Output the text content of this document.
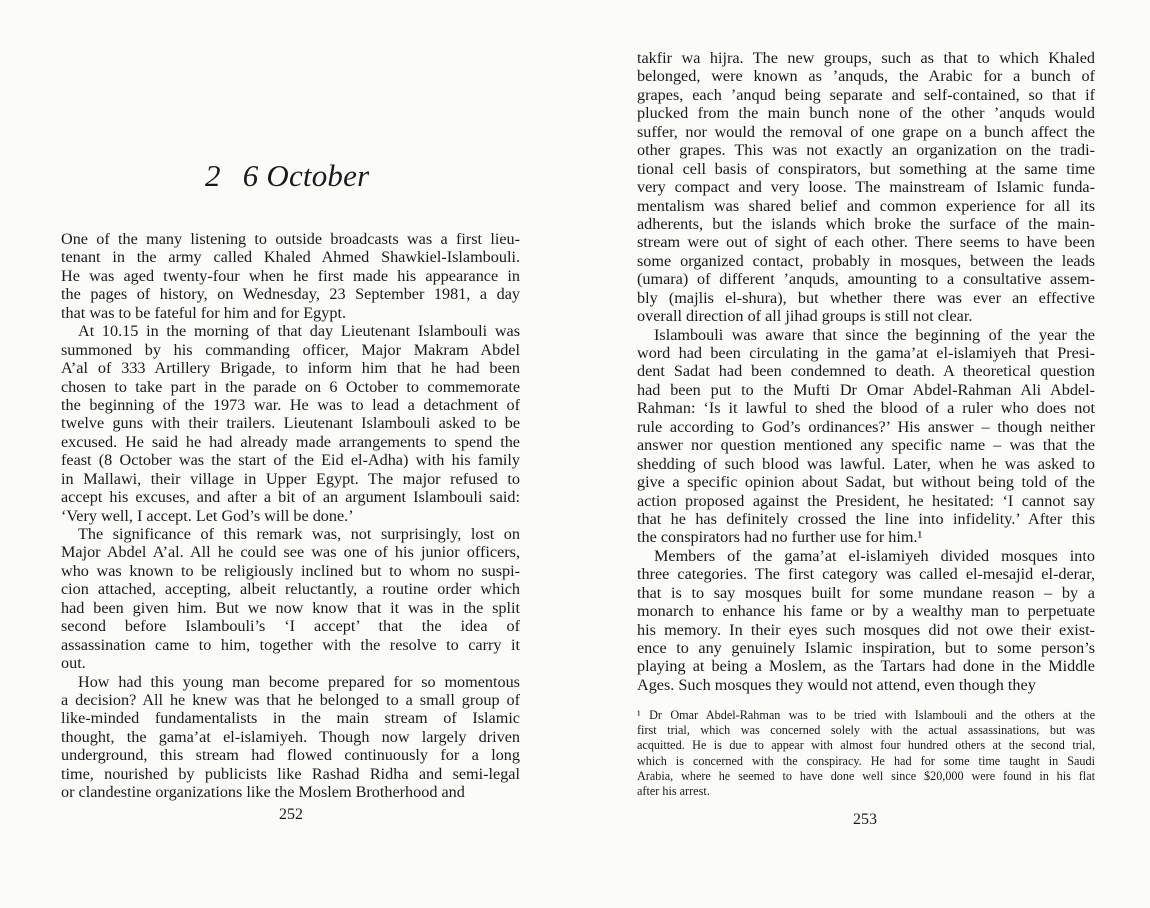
2 6 October
One of the many listening to outside broadcasts was a first lieu-
tenant in the army called Khaled Ahmed Shawkiel-Islambouli.
He was aged twenty-four when he first made his appearance in
the pages of history, on Wednesday, 23 September 1981, a day
that was to be fateful for him and for Egypt.
At 10.15 in the morning of that day Lieutenant Islambouli was
summoned by his commanding officer, Major Makram Abdel
A’al of 333 Artillery Brigade, to inform him that he had been
chosen to take part in the parade on 6 October to commemorate
the beginning of the 1973 war. He was to lead a detachment of
twelve guns with their trailers. Lieutenant Islambouli asked to be
excused. He said he had already made arrangements to spend the
feast (8 October was the start of the Eid el-Adha) with his family
in Mallawi, their village in Upper Egypt. The major refused to
accept his excuses, and after a bit of an argument Islambouli said:
‘Very well, I accept. Let God’s will be done.’
The significance of this remark was, not surprisingly, lost on
Major Abdel A’al. All he could see was one of his junior officers,
who was known to be religiously inclined but to whom no suspi-
cion attached, accepting, albeit reluctantly, a routine order which
had been given him. But we now know that it was in the split
second before Islambouli’s ‘I accept’ that the idea of
assassination came to him, together with the resolve to carry it
out.
How had this young man become prepared for so momentous
a decision? All he knew was that he belonged to a small group of
like-minded fundamentalists in the main stream of Islamic
thought, the gama’at el-islamiyeh. Though now largely driven
underground, this stream had flowed continuously for a long
time, nourished by publicists like Rashad Ridha and semi-legal
or clandestine organizations like the Moslem Brotherhood and
252
takfir wa hijra. The new groups, such as that to which Khaled
belonged, were known as ’anquds, the Arabic for a bunch of
grapes, each ’anqud being separate and self-contained, so that if
plucked from the main bunch none of the other ’anquds would
suffer, nor would the removal of one grape on a bunch affect the
other grapes. This was not exactly an organization on the tradi-
tional cell basis of conspirators, but something at the same time
very compact and very loose. The mainstream of Islamic funda-
mentalism was shared belief and common experience for all its
adherents, but the islands which broke the surface of the main-
stream were out of sight of each other. There seems to have been
some organized contact, probably in mosques, between the leads
(umara) of different ’anquds, amounting to a consultative assem-
bly (majlis el-shura), but whether there was ever an effective
overall direction of all jihad groups is still not clear.
Islambouli was aware that since the beginning of the year the
word had been circulating in the gama’at el-islamiyeh that Presi-
dent Sadat had been condemned to death. A theoretical question
had been put to the Mufti Dr Omar Abdel-Rahman Ali Abdel-
Rahman: ‘Is it lawful to shed the blood of a ruler who does not
rule according to God’s ordinances?’ His answer – though neither
answer nor question mentioned any specific name – was that the
shedding of such blood was lawful. Later, when he was asked to
give a specific opinion about Sadat, but without being told of the
action proposed against the President, he hesitated: ‘I cannot say
that he has definitely crossed the line into infidelity.’ After this
the conspirators had no further use for him.¹
Members of the gama’at el-islamiyeh divided mosques into
three categories. The first category was called el-mesajid el-derar,
that is to say mosques built for some mundane reason – by a
monarch to enhance his fame or by a wealthy man to perpetuate
his memory. In their eyes such mosques did not owe their exist-
ence to any genuinely Islamic inspiration, but to some person’s
playing at being a Moslem, as the Tartars had done in the Middle
Ages. Such mosques they would not attend, even though they
¹ Dr Omar Abdel-Rahman was to be tried with Islambouli and the others at the
first trial, which was concerned solely with the actual assassinations, but was
acquitted. He is due to appear with almost four hundred others at the second trial,
which is concerned with the conspiracy. He had for some time taught in Saudi
Arabia, where he seemed to have done well since $20,000 were found in his flat
after his arrest.
253
